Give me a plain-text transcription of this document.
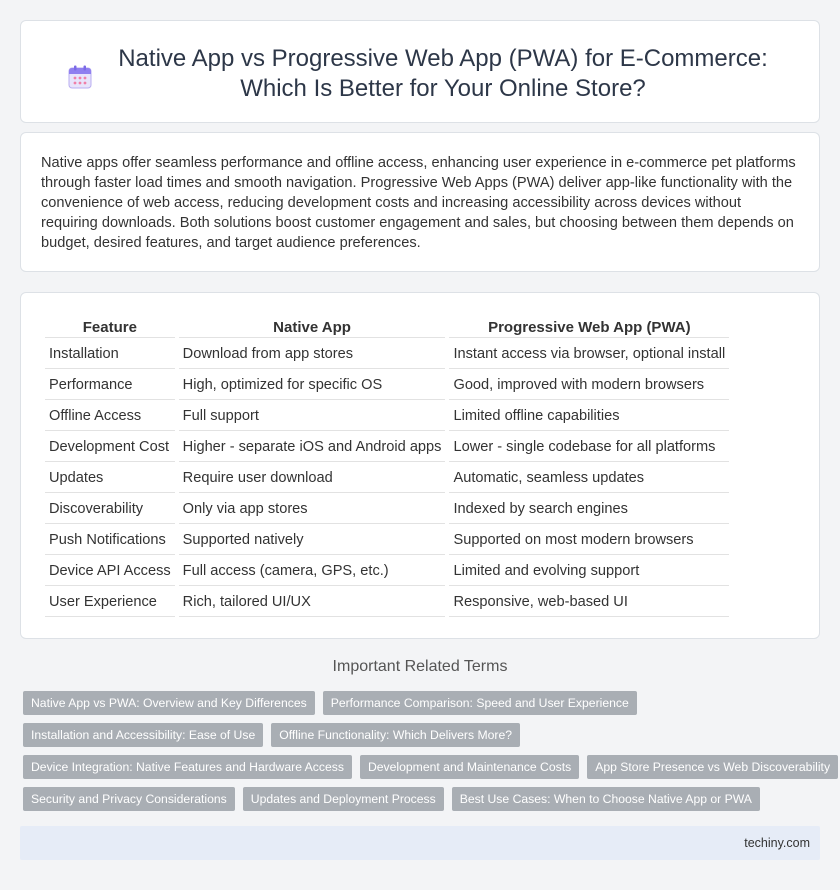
Native App vs Progressive Web App (PWA) for E-Commerce: Which Is Better for Your Online Store?

Native apps offer seamless performance and offline access, enhancing user experience in e-commerce pet platforms through faster load times and smooth navigation. Progressive Web Apps (PWA) deliver app-like functionality with the convenience of web access, reducing development costs and increasing accessibility across devices without requiring downloads. Both solutions boost customer engagement and sales, but choosing between them depends on budget, desired features, and target audience preferences.

Feature	Native App	Progressive Web App (PWA)
Installation	Download from app stores	Instant access via browser, optional install
Performance	High, optimized for specific OS	Good, improved with modern browsers
Offline Access	Full support	Limited offline capabilities
Development Cost	Higher - separate iOS and Android apps	Lower - single codebase for all platforms
Updates	Require user download	Automatic, seamless updates
Discoverability	Only via app stores	Indexed by search engines
Push Notifications	Supported natively	Supported on most modern browsers
Device API Access	Full access (camera, GPS, etc.)	Limited and evolving support
User Experience	Rich, tailored UI/UX	Responsive, web-based UI
Important Related Terms
Native App vs PWA: Overview and Key Differences	Performance Comparison: Speed and User Experience
Installation and Accessibility: Ease of Use	Offline Functionality: Which Delivers More?
Device Integration: Native Features and Hardware Access	Development and Maintenance Costs	App Store Presence vs Web Discoverability
Security and Privacy Considerations	Updates and Deployment Process	Best Use Cases: When to Choose Native App or PWA
techiny.com
